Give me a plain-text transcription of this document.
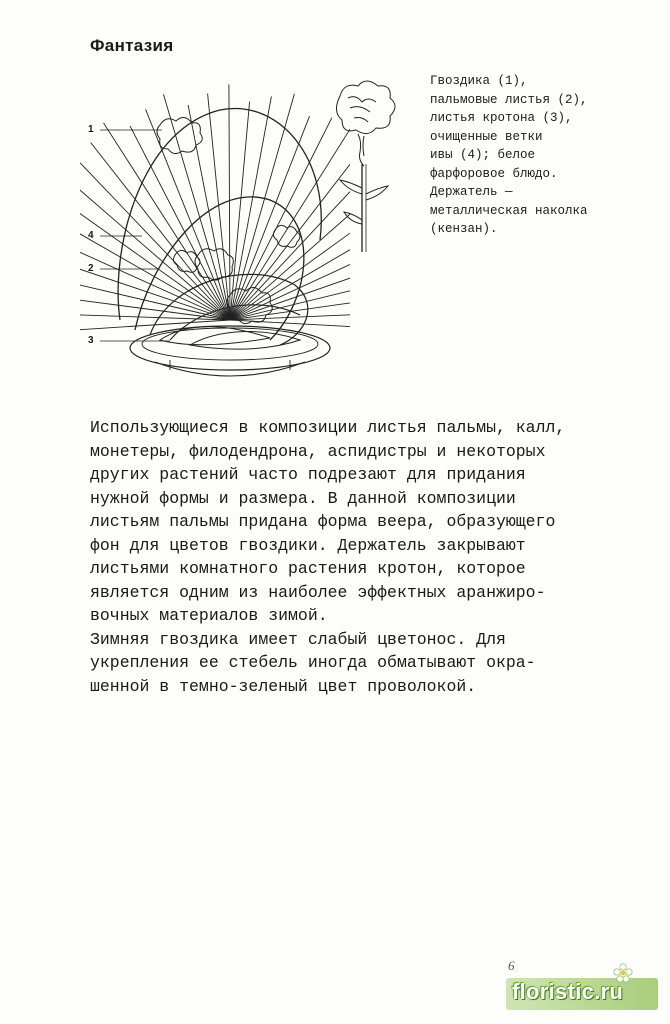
Фантазия
1
4
2
3
Гвоздика (1),
пальмовые листья (2),
листья кротона (3),
очищенные ветки
ивы (4); белое
фарфоровое блюдо.
Держатель —
металлическая наколка
(кензан).
Использующиеся в композиции листья пальмы, калл,
монетеры, филодендрона, аспидистры и некоторых
других растений часто подрезают для придания
нужной формы и размера. В данной композиции
листьям пальмы придана форма веера, образующего
фон для цветов гвоздики. Держатель закрывают
листьями комнатного растения кротон, которое
является одним из наиболее эффектных аранжиро-
вочных материалов зимой.
Зимняя гвоздика имеет слабый цветонос. Для
укрепления ее стебель иногда обматывают окра-
шенной в темно-зеленый цвет проволокой.
6
floristic.ru
